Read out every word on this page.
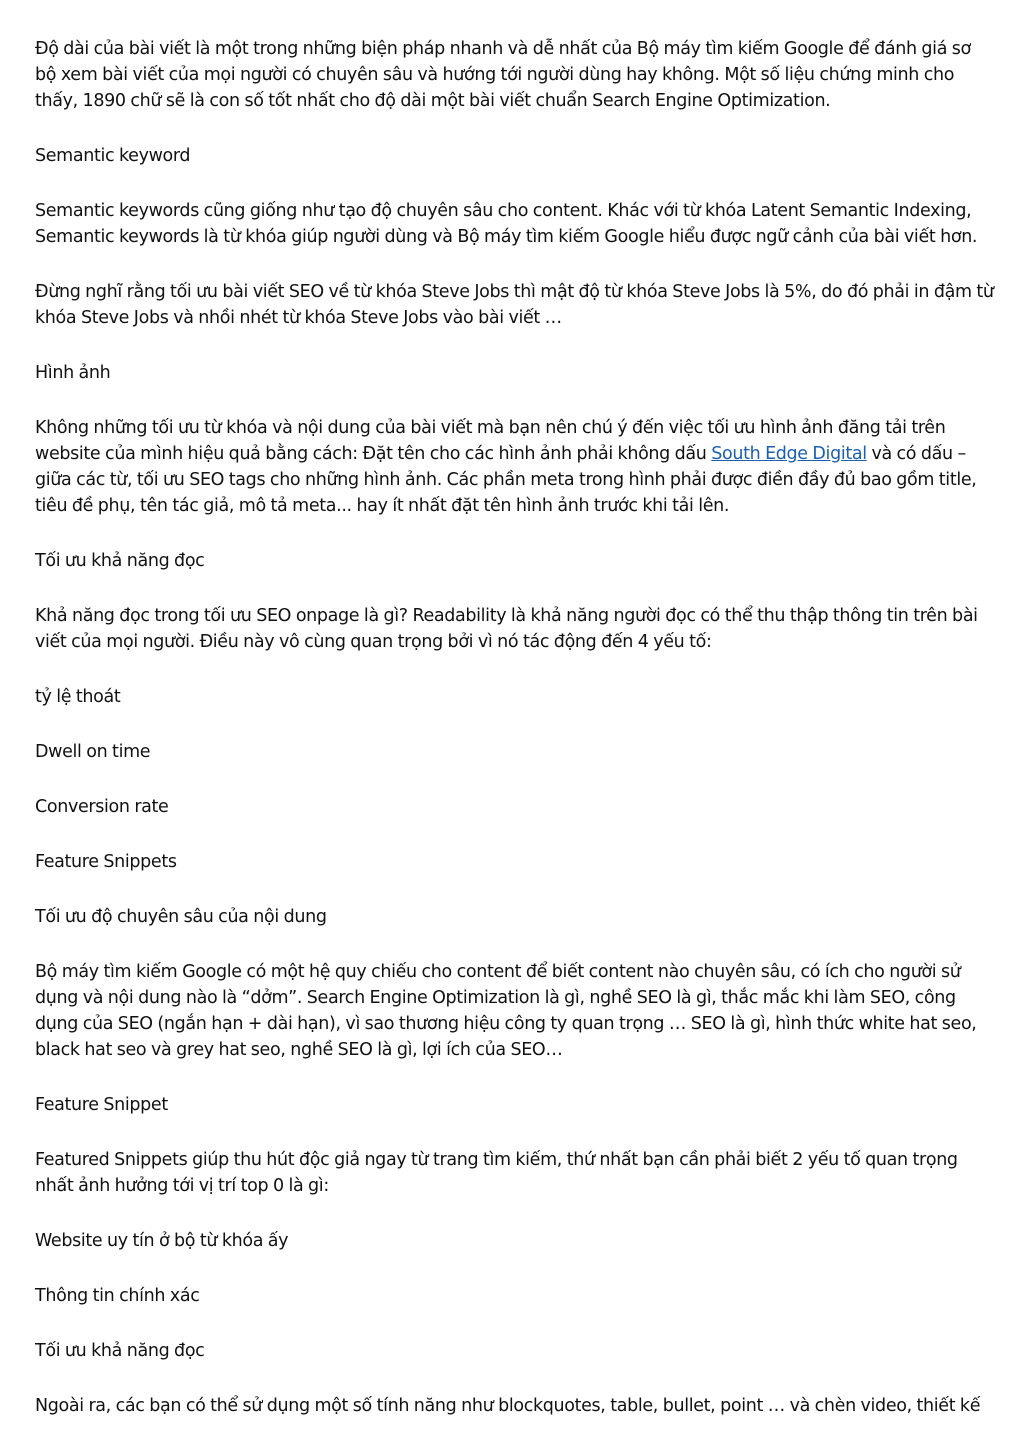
Độ dài của bài viết là một trong những biện pháp nhanh và dễ nhất của Bộ máy tìm kiếm Google để đánh giá sơ bộ xem bài viết của mọi người có chuyên sâu và hướng tới người dùng hay không. Một số liệu chứng minh cho thấy, 1890 chữ sẽ là con số tốt nhất cho độ dài một bài viết chuẩn Search Engine Optimization.

Semantic keyword

Semantic keywords cũng giống như tạo độ chuyên sâu cho content. Khác với từ khóa Latent Semantic Indexing, Semantic keywords là từ khóa giúp người dùng và Bộ máy tìm kiếm Google hiểu được ngữ cảnh của bài viết hơn.

Đừng nghĩ rằng tối ưu bài viết SEO về từ khóa Steve Jobs thì mật độ từ khóa Steve Jobs là 5%, do đó phải in đậm từ khóa Steve Jobs và nhồi nhét từ khóa Steve Jobs vào bài viết …

Hình ảnh

Không những tối ưu từ khóa và nội dung của bài viết mà bạn nên chú ý đến việc tối ưu hình ảnh đăng tải trên website của mình hiệu quả bằng cách: Đặt tên cho các hình ảnh phải không dấu South Edge Digital và có dấu – giữa các từ, tối ưu SEO tags cho những hình ảnh. Các phần meta trong hình phải được điền đầy đủ bao gồm title, tiêu đề phụ, tên tác giả, mô tả meta... hay ít nhất đặt tên hình ảnh trước khi tải lên.

Tối ưu khả năng đọc

Khả năng đọc trong tối ưu SEO onpage là gì? Readability là khả năng người đọc có thể thu thập thông tin trên bài viết của mọi người. Điều này vô cùng quan trọng bởi vì nó tác động đến 4 yếu tố:

tỷ lệ thoát

Dwell on time

Conversion rate

Feature Snippets

Tối ưu độ chuyên sâu của nội dung

Bộ máy tìm kiếm Google có một hệ quy chiếu cho content để biết content nào chuyên sâu, có ích cho người sử dụng và nội dung nào là “dởm”. Search Engine Optimization là gì, nghề SEO là gì, thắc mắc khi làm SEO, công dụng của SEO (ngắn hạn + dài hạn), vì sao thương hiệu công ty quan trọng … SEO là gì, hình thức white hat seo, black hat seo và grey hat seo, nghề SEO là gì, lợi ích của SEO…

Feature Snippet

Featured Snippets giúp thu hút độc giả ngay từ trang tìm kiếm, thứ nhất bạn cần phải biết 2 yếu tố quan trọng nhất ảnh hưởng tới vị trí top 0 là gì:

Website uy tín ở bộ từ khóa ấy

Thông tin chính xác

Tối ưu khả năng đọc

Ngoài ra, các bạn có thể sử dụng một số tính năng như blockquotes, table, bullet, point … và chèn video, thiết kế
